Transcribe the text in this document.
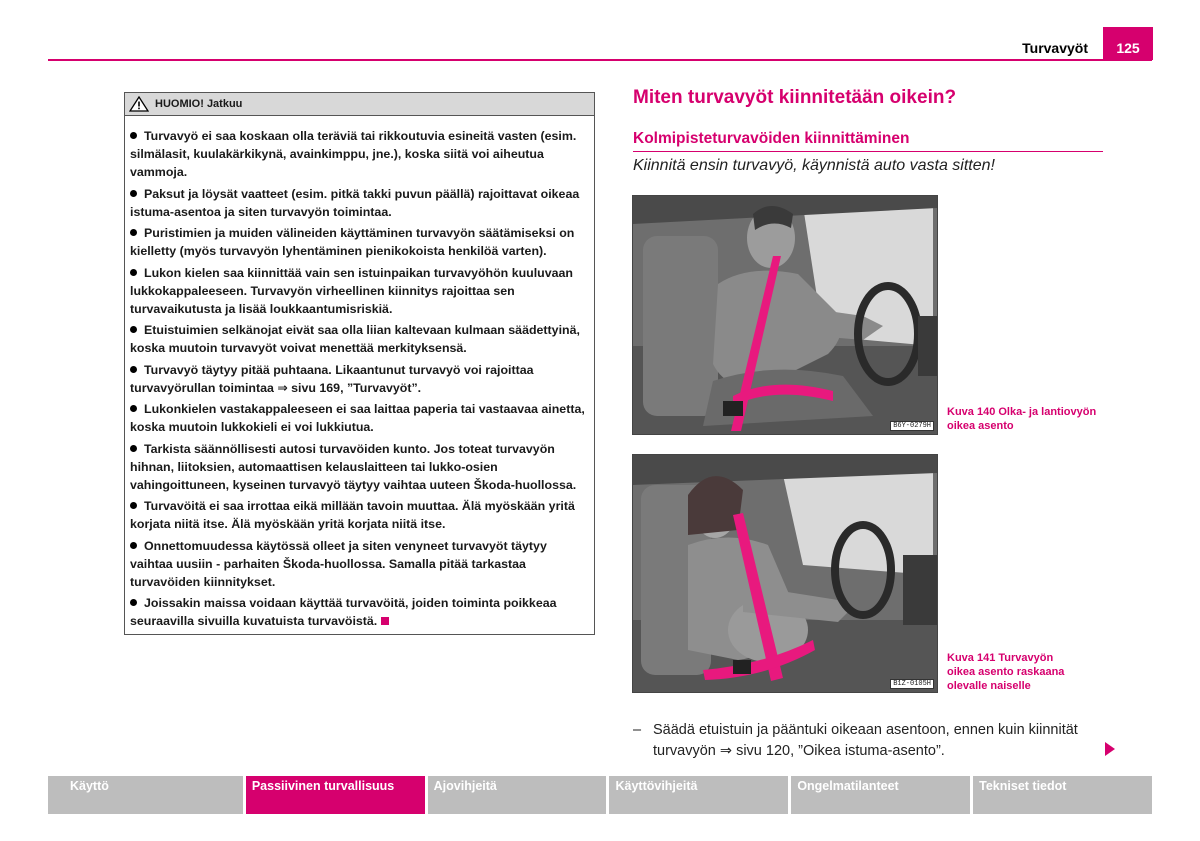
Turvavyöt	125
HUOMIO! Jatkuu
Turvavyö ei saa koskaan olla teräviä tai rikkoutuvia esineitä vasten (esim. silmälasit, kuulakärkikynä, avainkimppu, jne.), koska siitä voi aiheutua vammoja.
Paksut ja löysät vaatteet (esim. pitkä takki puvun päällä) rajoittavat oikeaa istuma-asentoa ja siten turvavyön toimintaa.
Puristimien ja muiden välineiden käyttäminen turvavyön säätämiseksi on kielletty (myös turvavyön lyhentäminen pienikokoista henkilöä varten).
Lukon kielen saa kiinnittää vain sen istuinpaikan turvavyöhön kuuluvaan lukkokappaleeseen. Turvavyön virheellinen kiinnitys rajoittaa sen turvavaikutusta ja lisää loukkaantumisriskiä.
Etuistuimien selkänojat eivät saa olla liian kaltevaan kulmaan säädettyinä, koska muutoin turvavyöt voivat menettää merkityksensä.
Turvavyö täytyy pitää puhtaana. Likaantunut turvavyö voi rajoittaa turvavyörullan toimintaa ⇒ sivu 169, ”Turvavyöt”.
Lukonkielen vastakappaleeseen ei saa laittaa paperia tai vastaavaa ainetta, koska muutoin lukkokieli ei voi lukkiutua.
Tarkista säännöllisesti autosi turvavöiden kunto. Jos toteat turvavyön hihnan, liitoksien, automaattisen kelauslaitteen tai lukko-osien vahingoittuneen, kyseinen turvavyö täytyy vaihtaa uuteen Škoda-huollossa.
Turvavöitä ei saa irrottaa eikä millään tavoin muuttaa. Älä myöskään yritä korjata niitä itse. Älä myöskään yritä korjata niitä itse.
Onnettomuudessa käytössä olleet ja siten venyneet turvavyöt täytyy vaihtaa uusiin - parhaiten Škoda-huollossa. Samalla pitää tarkastaa turvavöiden kiinnitykset.
Joissakin maissa voidaan käyttää turvavöitä, joiden toiminta poikkeaa seuraavilla sivuilla kuvatuista turvavöistä.
Miten turvavyöt kiinnitetään oikein?
Kolmipisteturvavöiden kiinnittäminen
Kiinnitä ensin turvavyö, käynnistä auto vasta sitten!
B6Y-0279H
Kuva 140 Olka- ja lantiovyön oikea asento
B1Z-0105H
Kuva 141 Turvavyön oikea asento raskaana olevalle naiselle
– Säädä etuistuin ja pääntuki oikeaan asentoon, ennen kuin kiinnität turvavyön ⇒ sivu 120, ”Oikea istuma-asento”.
Käyttö	Passiivinen turvallisuus	Ajovihjeitä	Käyttövihjeitä	Ongelmatilanteet	Tekniset tiedot
